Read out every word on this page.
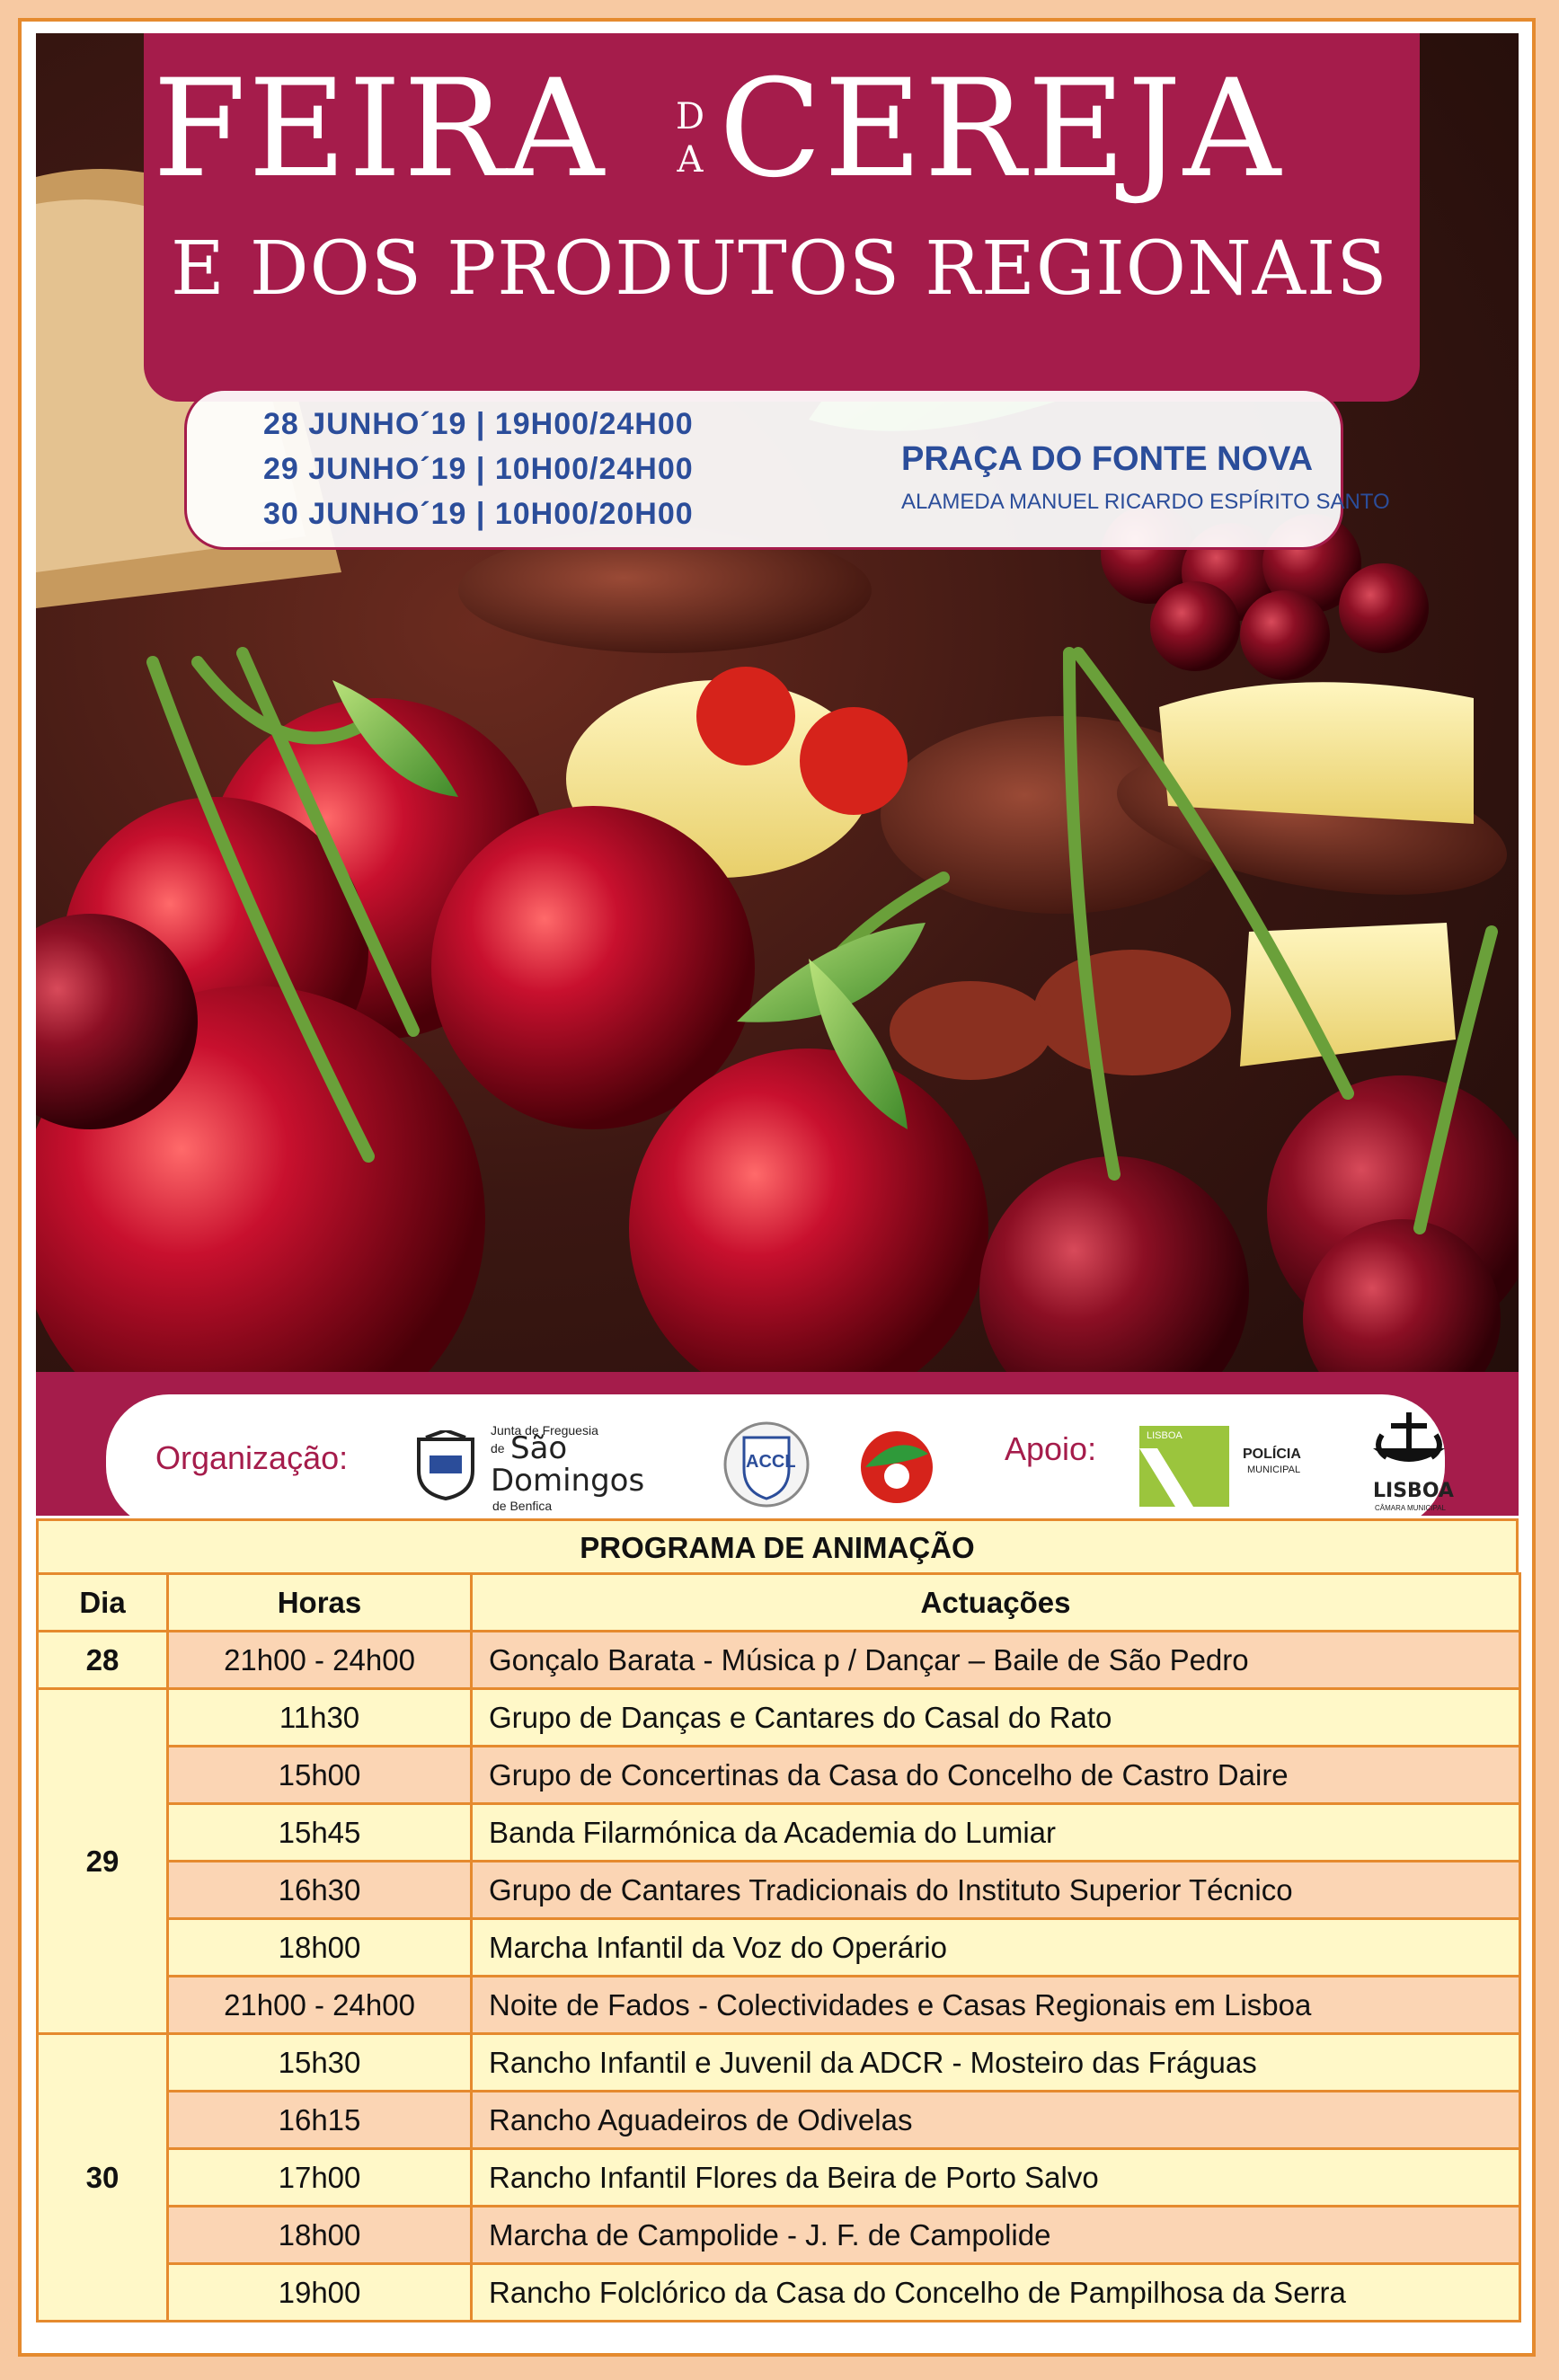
FEIRA DA CEREJA
E DOS PRODUTOS REGIONAIS
28 JUNHO´19 | 19H00/24H00
29 JUNHO´19 | 10H00/24H00
30 JUNHO´19 | 10H00/20H00
PRAÇA DO FONTE NOVA
ALAMEDA MANUEL RICARDO ESPÍRITO SANTO
Organização:
Junta de Freguesia
de São
Domingos
de Benfica
ACCL	Apoio:	LISBOA
POLÍCIA
MUNICIPAL
LISBOA
CÂMARA MUNICIPAL
PROGRAMA DE ANIMAÇÃO
Dia	Horas	Actuações
28	21h00 - 24h00	Gonçalo Barata - Música p / Dançar – Baile de São Pedro
29	11h30	Grupo de Danças e Cantares do Casal do Rato
	15h00	Grupo de Concertinas da Casa do Concelho de Castro Daire
	15h45	Banda Filarmónica da Academia do Lumiar
	16h30	Grupo de Cantares Tradicionais do Instituto Superior Técnico
	18h00	Marcha Infantil da Voz do Operário
	21h00 - 24h00	Noite de Fados - Colectividades e Casas Regionais em Lisboa
30	15h30	Rancho Infantil e Juvenil da ADCR - Mosteiro das Fráguas
	16h15	Rancho Aguadeiros de Odivelas
	17h00	Rancho Infantil Flores da Beira de Porto Salvo
	18h00	Marcha de Campolide - J. F. de Campolide
	19h00	Rancho Folclórico da Casa do Concelho de Pampilhosa da Serra
